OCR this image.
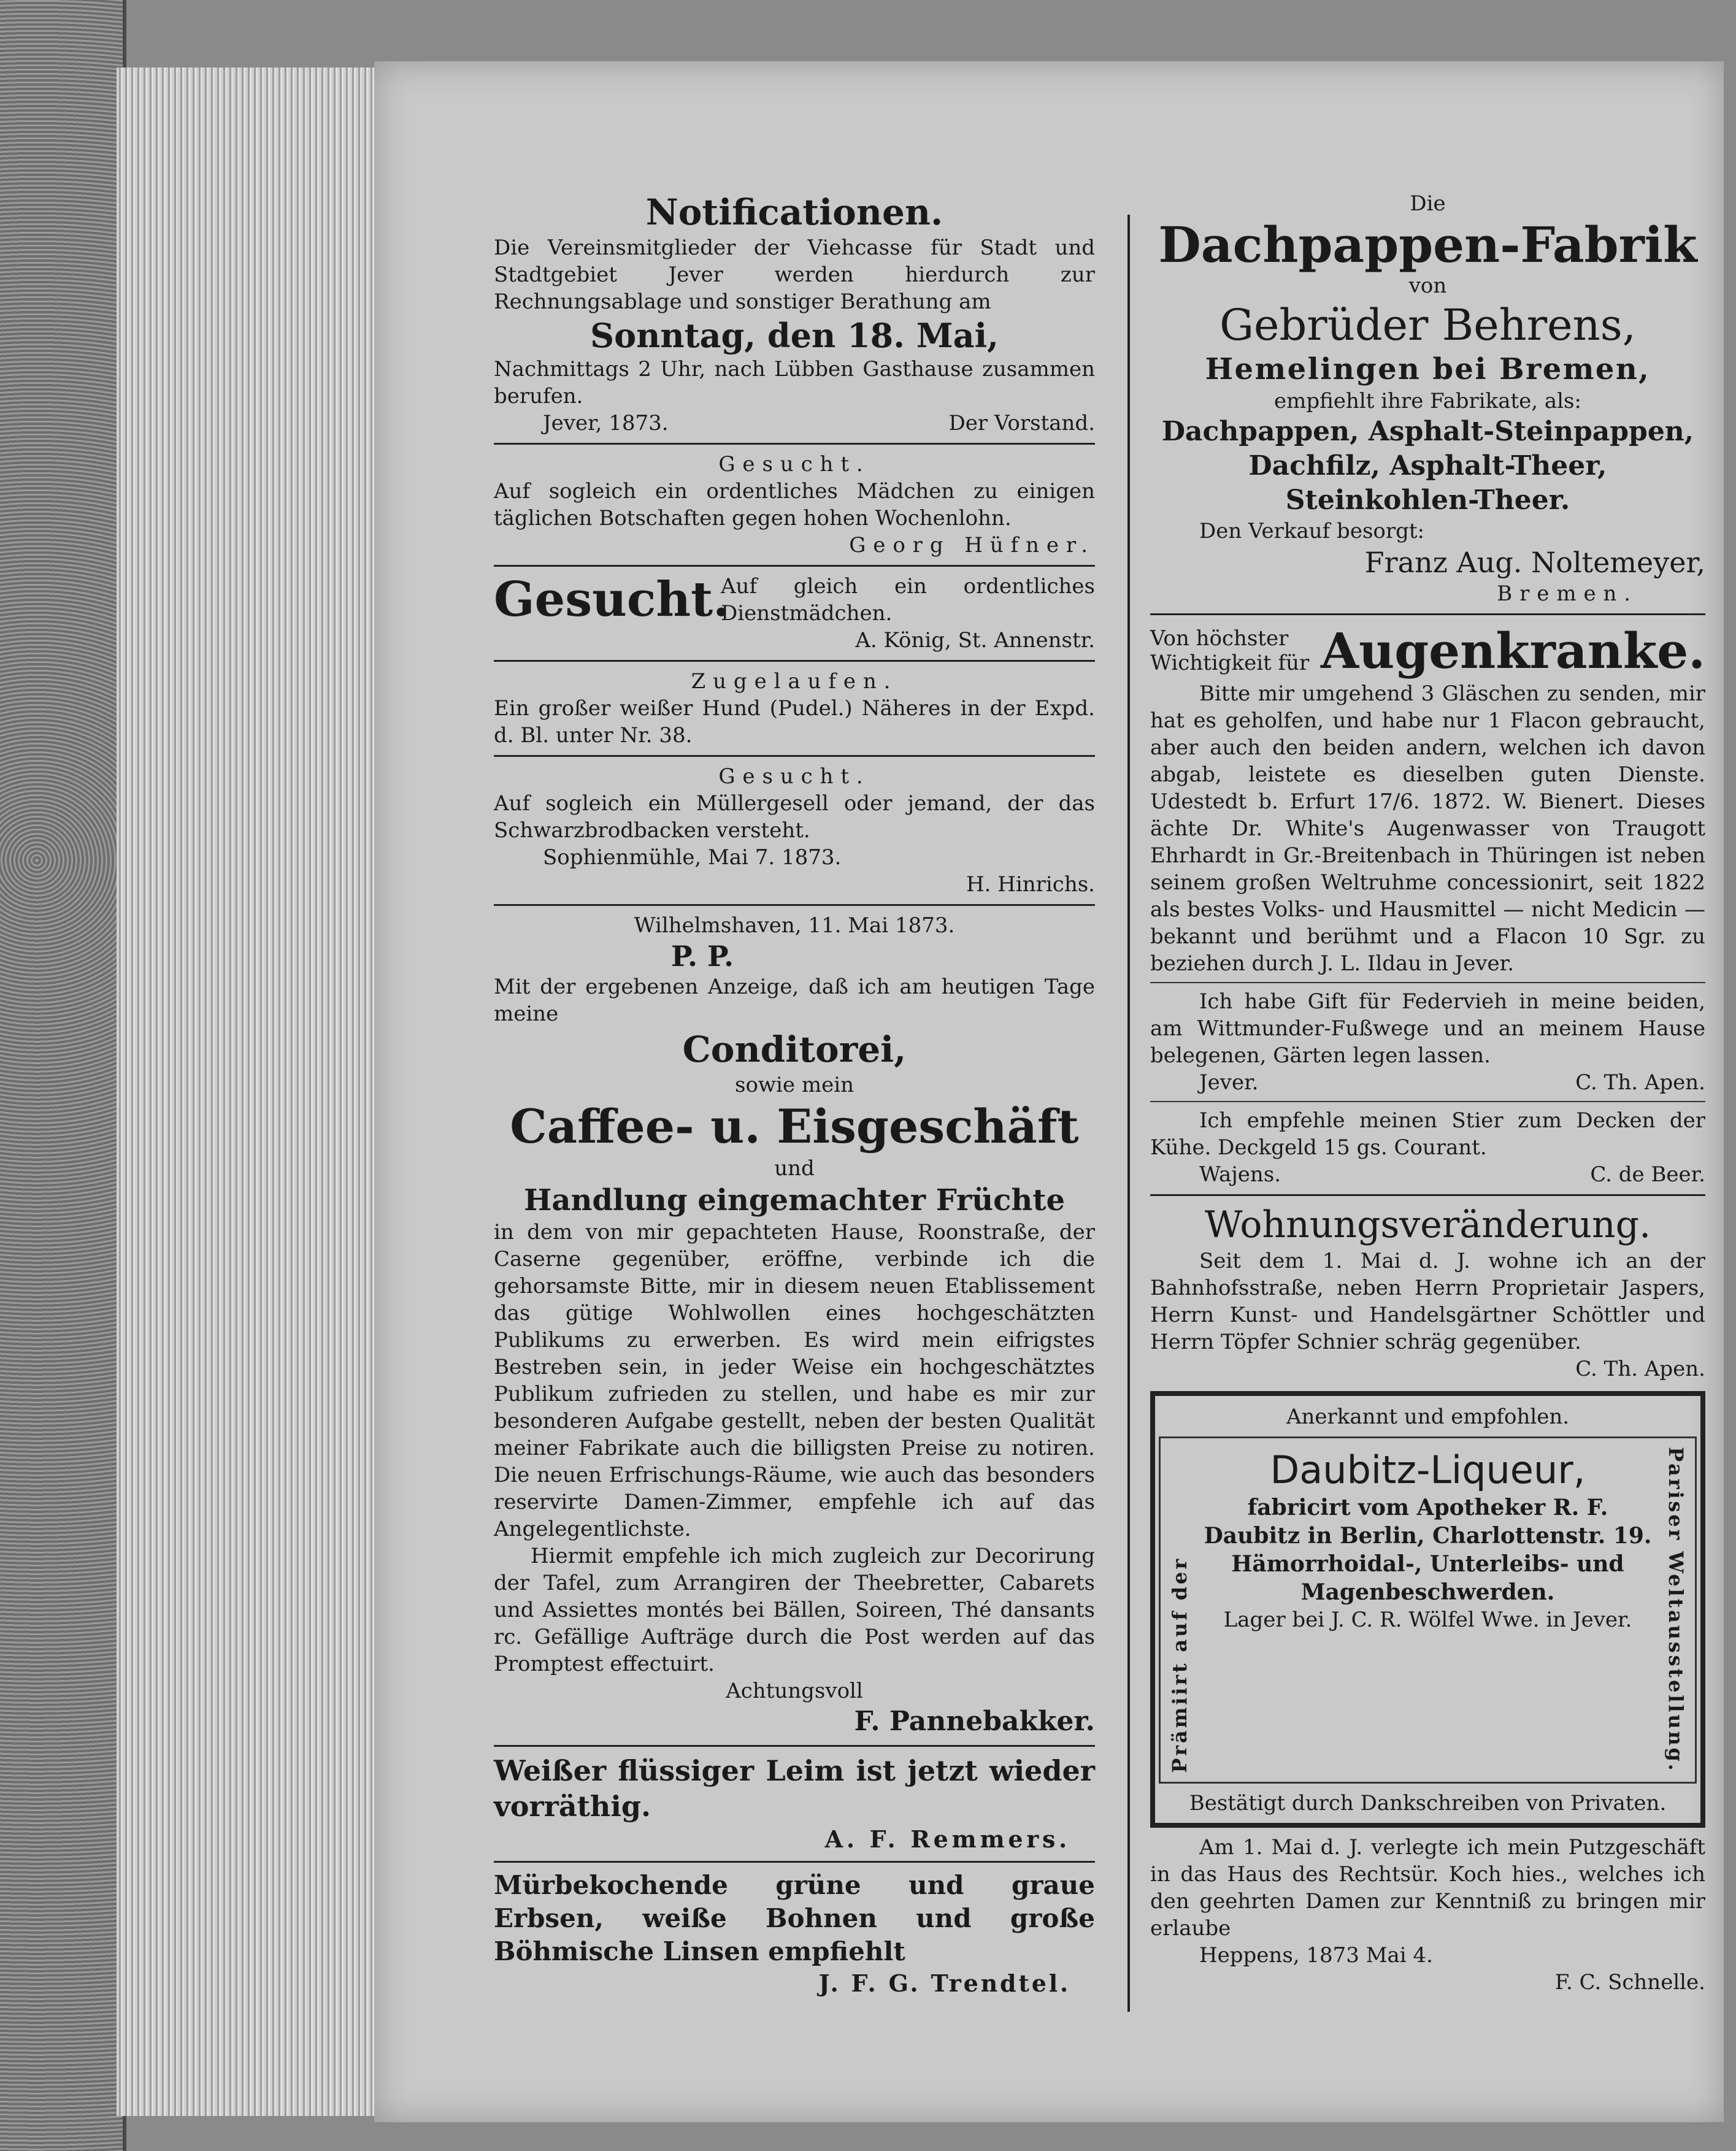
Notificationen.

Die Vereinsmitglieder der Viehcasse für Stadt und Stadtgebiet Jever werden hierdurch zur Rechnungsablage und sonstiger Berathung am

Sonntag, den 18. Mai,

Nachmittags 2 Uhr, nach Lübben Gasthause zusammen berufen.

Jever, 1873.	Der Vorstand.

Gesucht.

Auf sogleich ein ordentliches Mädchen zu einigen täglichen Botschaften gegen hohen Wochenlohn.

Georg Hüfner.

Gesucht.
Auf gleich ein ordentliches Dienstmädchen.

A. König, St. Annenstr.

Zugelaufen.

Ein großer weißer Hund (Pudel.) Näheres in der Expd. d. Bl. unter Nr. 38.

Gesucht.

Auf sogleich ein Müllergesell oder jemand, der das Schwarzbrodbacken versteht.

Sophienmühle, Mai 7. 1873.

H. Hinrichs.

Wilhelmshaven, 11. Mai 1873.

P. P.

Mit der ergebenen Anzeige, daß ich am heutigen Tage meine

Conditorei,

sowie mein

Caffee- u. Eisgeschäft

und

Handlung eingemachter Früchte

in dem von mir gepachteten Hause, Roonstraße, der Caserne gegenüber, eröffne, verbinde ich die gehorsamste Bitte, mir in diesem neuen Etablissement das gütige Wohlwollen eines hochgeschätzten Publikums zu erwerben. Es wird mein eifrigstes Bestreben sein, in jeder Weise ein hochgeschätztes Publikum zufrieden zu stellen, und habe es mir zur besonderen Aufgabe gestellt, neben der besten Qualität meiner Fabrikate auch die billigsten Preise zu notiren. Die neuen Erfrischungs-Räume, wie auch das besonders reservirte Damen-Zimmer, empfehle ich auf das Angelegentlichste.

Hiermit empfehle ich mich zugleich zur Decorirung der Tafel, zum Arrangiren der Theebretter, Cabarets und Assiettes montés bei Bällen, Soireen, Thé dansants rc. Gefällige Aufträge durch die Post werden auf das Promptest effectuirt.

Achtungsvoll

F. Pannebakker.

Weißer flüssiger Leim ist jetzt wieder vorräthig.

A. F. Remmers.

Mürbekochende grüne und graue Erbsen, weiße Bohnen und große Böhmische Linsen empfiehlt

J. F. G. Trendtel.

Die

Dachpappen-Fabrik

von

Gebrüder Behrens,

Hemelingen bei Bremen,

empfiehlt ihre Fabrikate, als:

Dachpappen, Asphalt-Steinpappen,

Dachfilz, Asphalt-Theer,

Steinkohlen-Theer.

Den Verkauf besorgt:

Franz Aug. Noltemeyer,

Bremen.

Von höchster Wichtigkeit für Augenkranke.

Bitte mir umgehend 3 Gläschen zu senden, mir hat es geholfen, und habe nur 1 Flacon gebraucht, aber auch den beiden andern, welchen ich davon abgab, leistete es dieselben guten Dienste. Udestedt b. Erfurt 17/6. 1872. W. Bienert. Dieses ächte Dr. White's Augenwasser von Traugott Ehrhardt in Gr.-Breitenbach in Thüringen ist neben seinem großen Weltruhme concessionirt, seit 1822 als bestes Volks- und Hausmittel — nicht Medicin — bekannt und berühmt und a Flacon 10 Sgr. zu beziehen durch J. L. Ildau in Jever.

Ich habe Gift für Federvieh in meine beiden, am Wittmunder-Fußwege und an meinem Hause belegenen, Gärten legen lassen.

Jever.	C. Th. Apen.

Ich empfehle meinen Stier zum Decken der Kühe. Deckgeld 15 gs. Courant.

Wajens.	C. de Beer.

Wohnungsveränderung.

Seit dem 1. Mai d. J. wohne ich an der Bahnhofsstraße, neben Herrn Proprietair Jaspers, Herrn Kunst- und Handelsgärtner Schöttler und Herrn Töpfer Schnier schräg gegenüber.

C. Th. Apen.

Anerkannt und empfohlen.

Prämiirt auf der

Daubitz-Liqueur,

fabricirt vom Apotheker R. F. Daubitz in Berlin, Charlottenstr. 19.

Hämorrhoidal-, Unterleibs- und Magenbeschwerden.

Lager bei J. C. R. Wölfel Wwe. in Jever.	Pariser Weltausstellung.

Bestätigt durch Dankschreiben von Privaten.

Am 1. Mai d. J. verlegte ich mein Putzgeschäft in das Haus des Rechtsür. Koch hies., welches ich den geehrten Damen zur Kenntniß zu bringen mir erlaube

Heppens, 1873 Mai 4.

F. C. Schnelle.
